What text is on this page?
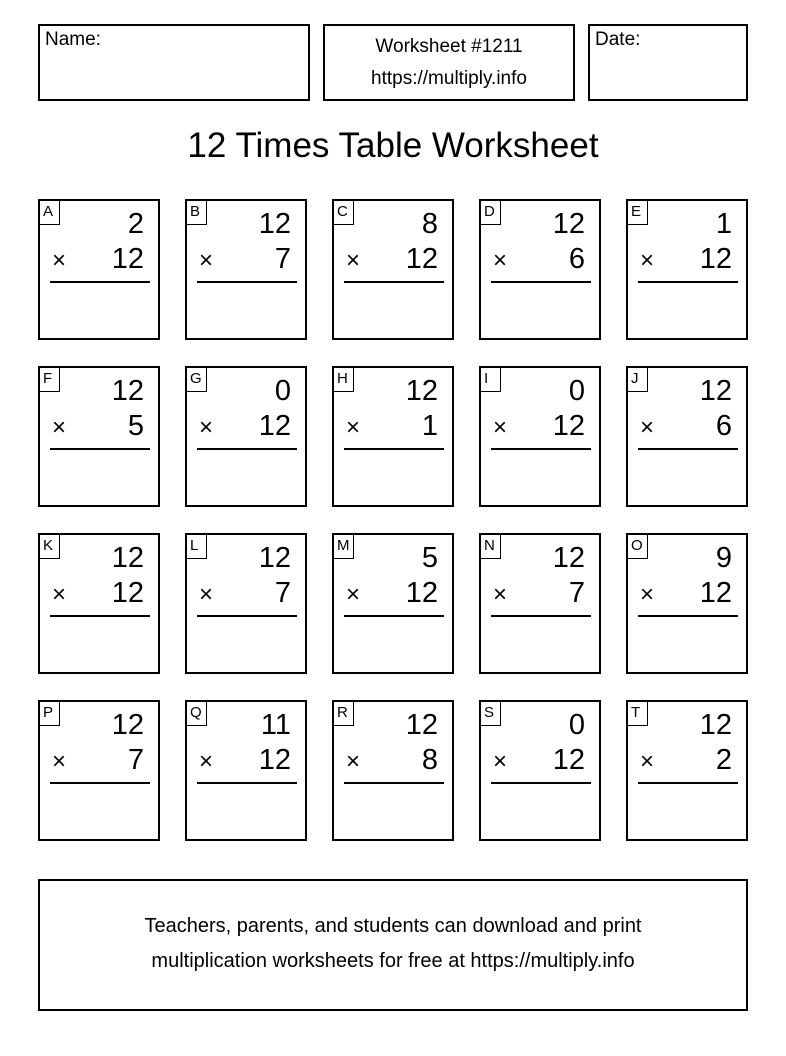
Name:	Worksheet #1211
https://multiply.info
Date:
12 Times Table Worksheet
A	2
× 12
B 12
× 7
C	8
× 12
D 12
× 6
E	1
× 12
F 12
× 5
G	0
× 12
H 12
× 1
I	0
× 12
J	12
× 6
K 12
× 12
L 12
× 7
M 5
× 12
N 12
× 7
O	9
× 12
P 12
× 7
Q 11
× 12
R 12
× 8
S	0
× 12
T 12
× 2
Teachers, parents, and students can download and print
multiplication worksheets for free at https://multiply.info
